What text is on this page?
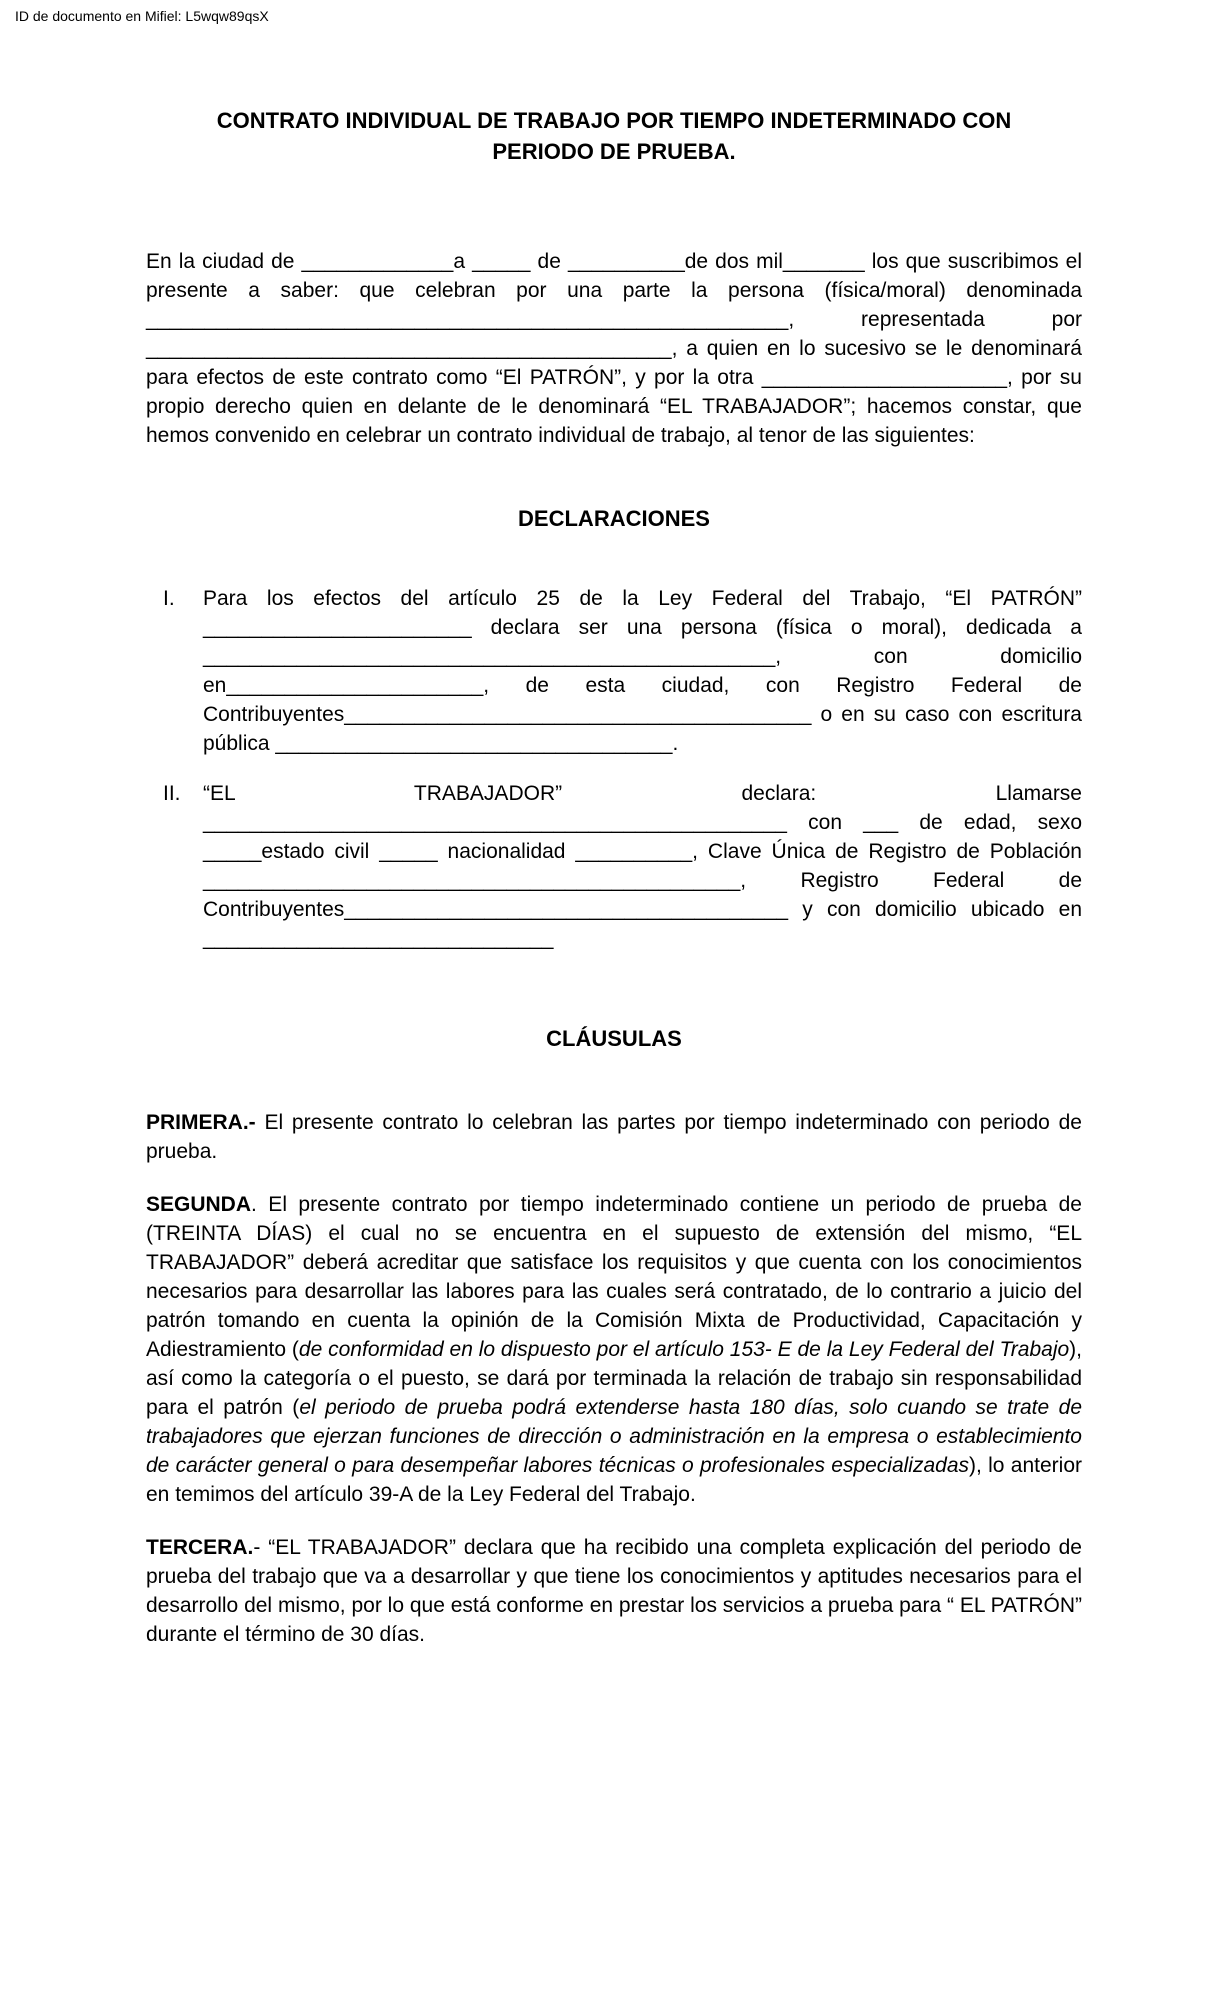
ID de documento en Mifiel: L5wqw89qsX
CONTRATO INDIVIDUAL DE TRABAJO POR TIEMPO INDETERMINADO CON
PERIODO DE PRUEBA.

En la ciudad de _____________a _____ de __________de dos mil_______ los que suscribimos el presente a saber: que celebran por una parte la persona (física/moral) denominada _______________________________________________________, representada por _____________________________________________, a quien en lo sucesivo se le denominará para efectos de este contrato como “El PATRÓN”, y por la otra _____________________, por su propio derecho quien en delante de le denominará “EL TRABAJADOR”; hacemos constar, que hemos convenido en celebrar un contrato individual de trabajo, al tenor de las siguientes:

DECLARACIONES
I.	Para los efectos del artículo 25 de la Ley Federal del Trabajo, “El PATRÓN” _______________________ declara ser una persona (física o moral), dedicada a _________________________________________________, con domicilio en______________________, de esta ciudad, con Registro Federal de Contribuyentes________________________________________ o en su caso con escritura pública __________________________________.

II.	“EL TRABAJADOR” declara: Llamarse __________________________________________________ con ___ de edad, sexo _____estado civil _____ nacionalidad __________, Clave Única de Registro de Población ______________________________________________, Registro Federal de Contribuyentes______________________________________ y con domicilio ubicado en ______________________________

CLÁUSULAS

PRIMERA.- El presente contrato lo celebran las partes por tiempo indeterminado con periodo de prueba.

SEGUNDA. El presente contrato por tiempo indeterminado contiene un periodo de prueba de (TREINTA DÍAS) el cual no se encuentra en el supuesto de extensión del mismo, “EL TRABAJADOR” deberá acreditar que satisface los requisitos y que cuenta con los conocimientos necesarios para desarrollar las labores para las cuales será contratado, de lo contrario a juicio del patrón tomando en cuenta la opinión de la Comisión Mixta de Productividad, Capacitación y Adiestramiento (de conformidad en lo dispuesto por el artículo 153- E de la Ley Federal del Trabajo), así como la categoría o el puesto, se dará por terminada la relación de trabajo sin responsabilidad para el patrón (el periodo de prueba podrá extenderse hasta 180 días, solo cuando se trate de trabajadores que ejerzan funciones de dirección o administración en la empresa o establecimiento de carácter general o para desempeñar labores técnicas o profesionales especializadas), lo anterior en temimos del artículo 39-A de la Ley Federal del Trabajo.

TERCERA.- “EL TRABAJADOR” declara que ha recibido una completa explicación del periodo de prueba del trabajo que va a desarrollar y que tiene los conocimientos y aptitudes necesarios para el desarrollo del mismo, por lo que está conforme en prestar los servicios a prueba para “ EL PATRÓN” durante el término de 30 días.
